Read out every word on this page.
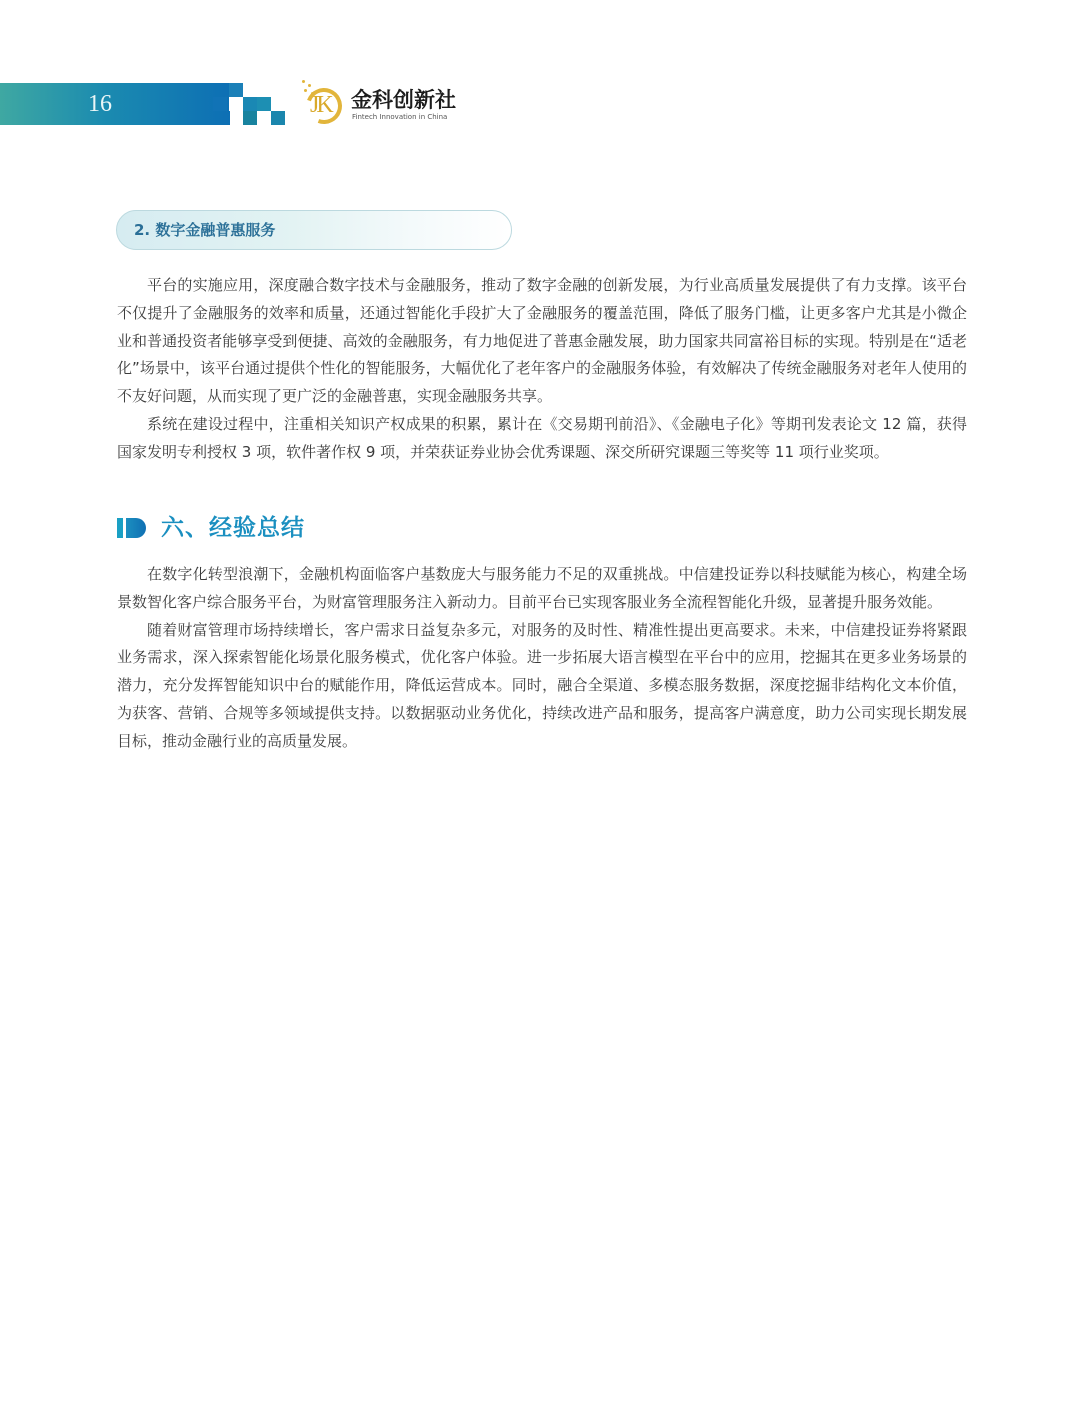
16	JK 金科创新社
Fintech Innovation in China
2. 数字金融普惠服务

平台的实施应用，深度融合数字技术与金融服务，推动了数字金融的创新发展，为行业高质量发展提供了有力支撑。该平台不仅提升了金融服务的效率和质量，还通过智能化手段扩大了金融服务的覆盖范围，降低了服务门槛，让更多客户尤其是小微企业和普通投资者能够享受到便捷、高效的金融服务，有力地促进了普惠金融发展，助力国家共同富裕目标的实现。特别是在“适老化”场景中，该平台通过提供个性化的智能服务，大幅优化了老年客户的金融服务体验，有效解决了传统金融服务对老年人使用的不友好问题，从而实现了更广泛的金融普惠，实现金融服务共享。

系统在建设过程中，注重相关知识产权成果的积累，累计在《交易期刊前沿》、《金融电子化》等期刊发表论文 12 篇，获得国家发明专利授权 3 项，软件著作权 9 项，并荣获证券业协会优秀课题、深交所研究课题三等奖等 11 项行业奖项。

六、经验总结

在数字化转型浪潮下，金融机构面临客户基数庞大与服务能力不足的双重挑战。中信建投证券以科技赋能为核心，构建全场景数智化客户综合服务平台，为财富管理服务注入新动力。目前平台已实现客服业务全流程智能化升级，显著提升服务效能。

随着财富管理市场持续增长，客户需求日益复杂多元，对服务的及时性、精准性提出更高要求。未来，中信建投证券将紧跟业务需求，深入探索智能化场景化服务模式，优化客户体验。进一步拓展大语言模型在平台中的应用，挖掘其在更多业务场景的潜力，充分发挥智能知识中台的赋能作用，降低运营成本。同时，融合全渠道、多模态服务数据，深度挖掘非结构化文本价值，为获客、营销、合规等多领域提供支持。以数据驱动业务优化，持续改进产品和服务，提高客户满意度，助力公司实现长期发展目标，推动金融行业的高质量发展。
